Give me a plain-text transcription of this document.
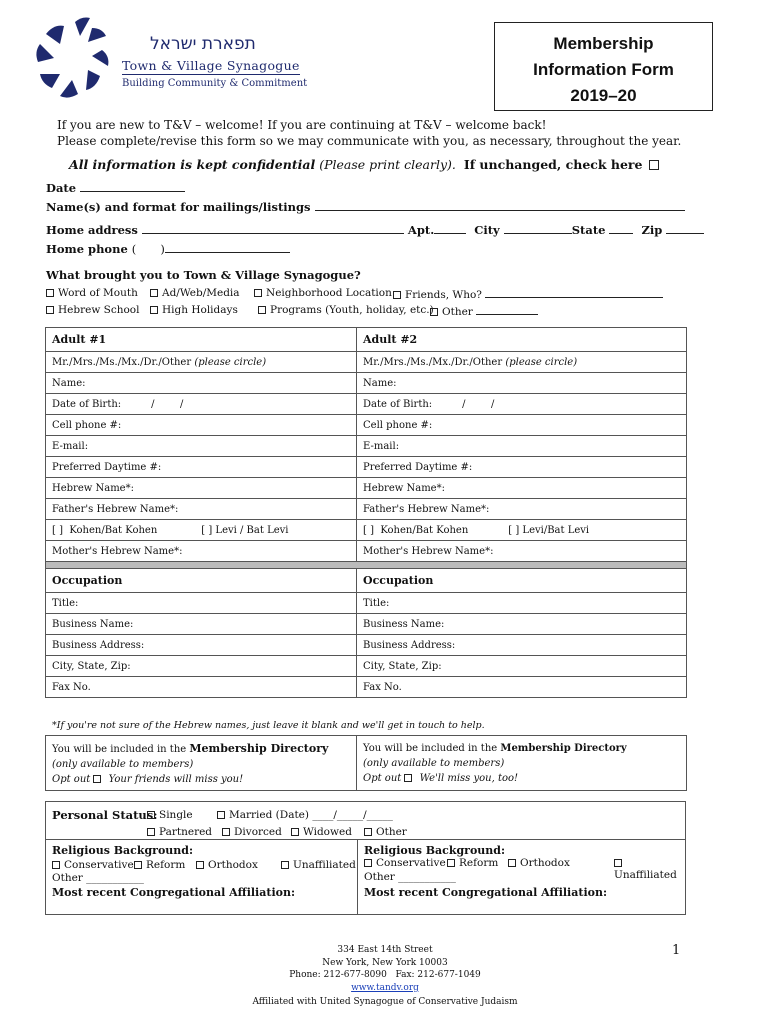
תפארת ישראל
Town & Village Synagogue
Building Community & Commitment
Membership
Information Form
2019–20
If you are new to T&V – welcome! If you are continuing at T&V – welcome back!
Please complete/revise this form so we may communicate with you, as necessary, throughout the year.
All information is kept confidential (Please print clearly). If unchanged, check here
Date
Name(s) and format for mailings/listings
Home address	Apt.	City	State	Zip
Home phone ( )
What brought you to Town & Village Synagogue?
Word of Mouth	Ad/Web/Media	Neighborhood Location	Friends, Who?
Hebrew School	High Holidays	Programs (Youth, holiday, etc.) Other
Adult #1	Adult #2
Mr./Mrs./Ms./Mx./Dr./Other (please circle)	Mr./Mrs./Ms./Mx./Dr./Other (please circle)
Name:	Name:
Date of Birth: /        /	Date of Birth: /        /
Cell phone #:	Cell phone #:
E-mail:	E-mail:
Preferred Daytime #:	Preferred Daytime #:
Hebrew Name*:	Hebrew Name*:
Father's Hebrew Name*:	Father's Hebrew Name*:
[ ]  Kohen/Bat Kohen [ ] Levi / Bat Levi	[ ]  Kohen/Bat Kohen [ ] Levi/Bat Levi
Mother's Hebrew Name*:	Mother's Hebrew Name*:

Occupation	Occupation
Title:	Title:
Business Name:	Business Name:
Business Address:	Business Address:
City, State, Zip:	City, State, Zip:
Fax No.	Fax No.
*If you're not sure of the Hebrew names, just leave it blank and we'll get in touch to help.
You will be included in the Membership Directory
(only available to members)
Opt out Your friends will miss you!

You will be included in the Membership Directory
(only available to members)
Opt out We'll miss you, too!
Personal Status: Single	Married (Date) ____/_____/_____
Partnered	Divorced	Widowed	Other
Religious Background:
Conservative	Reform	Orthodox	Unaffiliated
Other ___________
Most recent Congregational Affiliation:
Religious Background:
Conservative	Reform	Orthodox
Unaffiliated
Other ___________
Most recent Congregational Affiliation:
334 East 14th Street
New York, New York 10003
Phone: 212-677-8090   Fax: 212-677-1049
www.tandv.org
Affiliated with United Synagogue of Conservative Judaism
1
